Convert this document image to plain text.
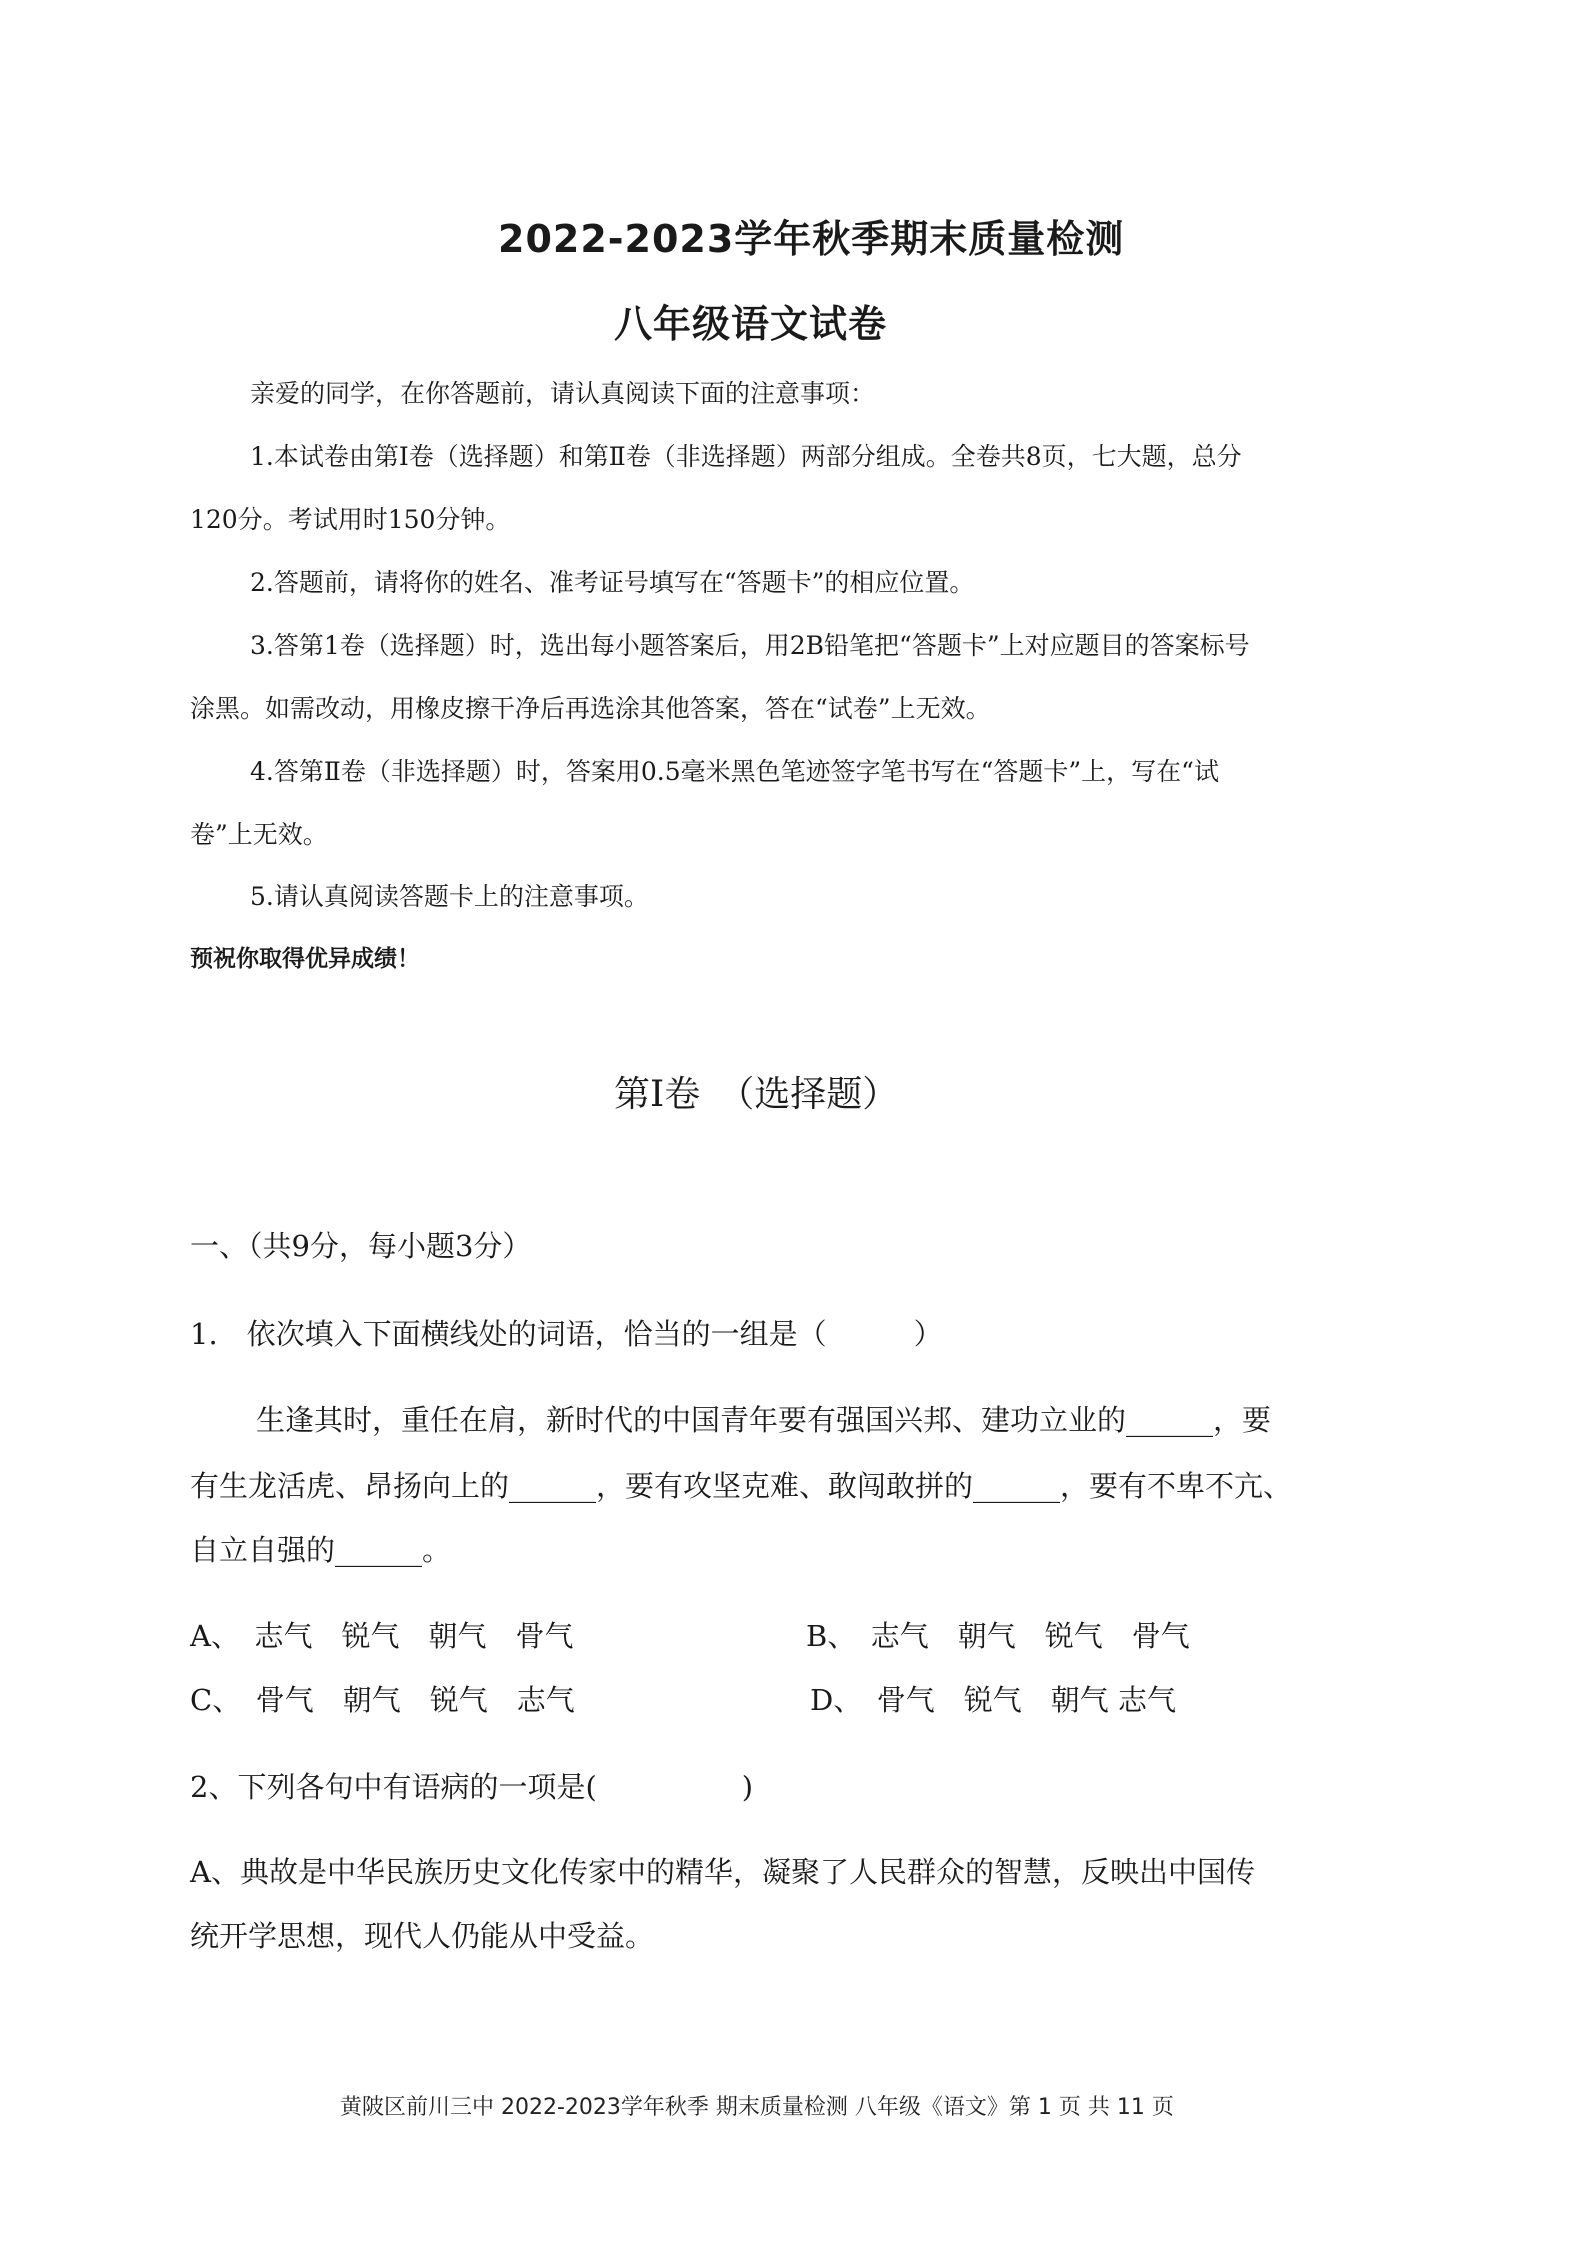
2022-2023学年秋季期末质量检测
八年级语文试卷
亲爱的同学，在你答题前，请认真阅读下面的注意事项：
1.本试卷由第Ⅰ卷（选择题）和第Ⅱ卷（非选择题）两部分组成。全卷共8页，七大题，总分
120分。考试用时150分钟。
2.答题前，请将你的姓名、准考证号填写在“答题卡”的相应位置。
3.答第1卷（选择题）时，选出每小题答案后，用2B铅笔把“答题卡”上对应题目的答案标号
涂黑。如需改动，用橡皮擦干净后再选涂其他答案，答在“试卷”上无效。
4.答第Ⅱ卷（非选择题）时，答案用0.5毫米黑色笔迹签字笔书写在“答题卡”上，写在“试
卷”上无效。
5.请认真阅读答题卡上的注意事项。
预祝你取得优异成绩！
第Ⅰ卷　（选择题）
一、（共9分，每小题3分）
1.　依次填入下面横线处的词语，恰当的一组是（　　　）
生逢其时，重任在肩，新时代的中国青年要有强国兴邦、建功立业的______，要
有生龙活虎、昂扬向上的______，要有攻坚克难、敢闯敢拼的______，要有不卑不亢、
自立自强的______。
A、　志气　锐气　朝气　骨气	B、　志气　朝气　锐气　骨气
C、　骨气　朝气　锐气　志气	D、　骨气　锐气　朝气 志气
2、下列各句中有语病的一项是(　　　　　)
A、典故是中华民族历史文化传家中的精华，凝聚了人民群众的智慧，反映出中国传
统开学思想，现代人仍能从中受益。
黄陂区前川三中 2022-2023学年秋季 期末质量检测 八年级《语文》第 1 页 共 11 页
